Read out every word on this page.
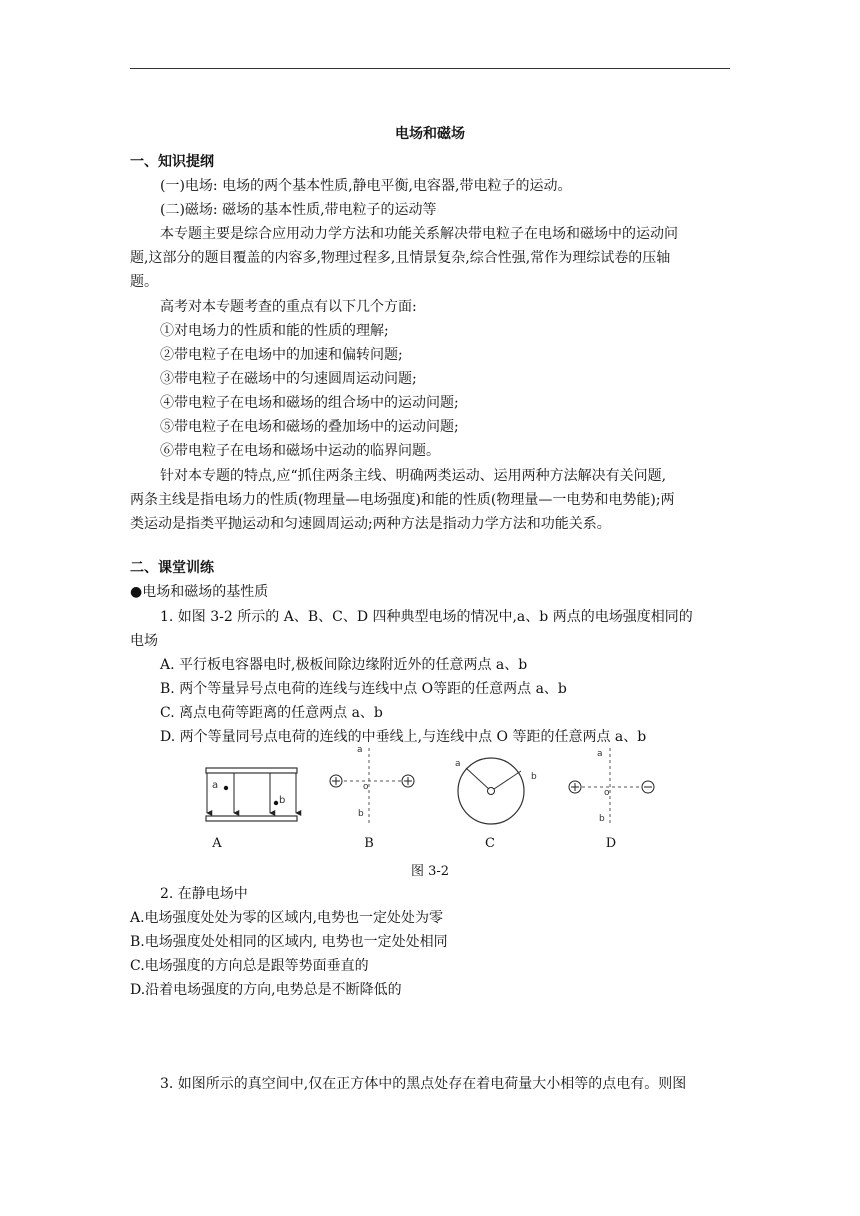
电场和磁场
一、知识提纲
(一)电场: 电场的两个基本性质,静电平衡,电容器,带电粒子的运动。
(二)磁场: 磁场的基本性质,带电粒子的运动等
本专题主要是综合应用动力学方法和功能关系解决带电粒子在电场和磁场中的运动问
题,这部分的题目覆盖的内容多,物理过程多,且情景复杂,综合性强,常作为理综试卷的压轴
题。
高考对本专题考查的重点有以下几个方面:
①对电场力的性质和能的性质的理解;
②带电粒子在电场中的加速和偏转问题;
③带电粒子在磁场中的匀速圆周运动问题;
④带电粒子在电场和磁场的组合场中的运动问题;
⑤带电粒子在电场和磁场的叠加场中的运动问题;
⑥带电粒子在电场和磁场中运动的临界问题。
针对本专题的特点,应“抓住两条主线、明确两类运动、运用两种方法解决有关问题,
两条主线是指电场力的性质(物理量—电场强度)和能的性质(物理量—一电势和电势能);两
类运动是指类平抛运动和匀速圆周运动;两种方法是指动力学方法和功能关系。
二、课堂训练
●电场和磁场的基性质
1. 如图 3-2 所示的 A、B、C、D 四种典型电场的情况中,a、b 两点的电场强度相同的
电场
A. 平行板电容器电时,极板间除边缘附近外的任意两点 a、b
B. 两个等量异号点电荷的连线与连线中点 O等距的任意两点 a、b
C. 离点电荷等距离的任意两点 a、b
D. 两个等量同号点电荷的连线的中垂线上,与连线中点 O 等距的任意两点 a、b
a
b
a
o
b
a
b
a
o
b
A	B	C	D
图 3-2
2. 在静电场中
A.电场强度处处为零的区域内,电势也一定处处为零
B.电场强度处处相同的区域内, 电势也一定处处相同
C.电场强度的方向总是跟等势面垂直的
D.沿着电场强度的方向,电势总是不断降低的
3. 如图所示的真空间中,仅在正方体中的黑点处存在着电荷量大小相等的点电有。则图
